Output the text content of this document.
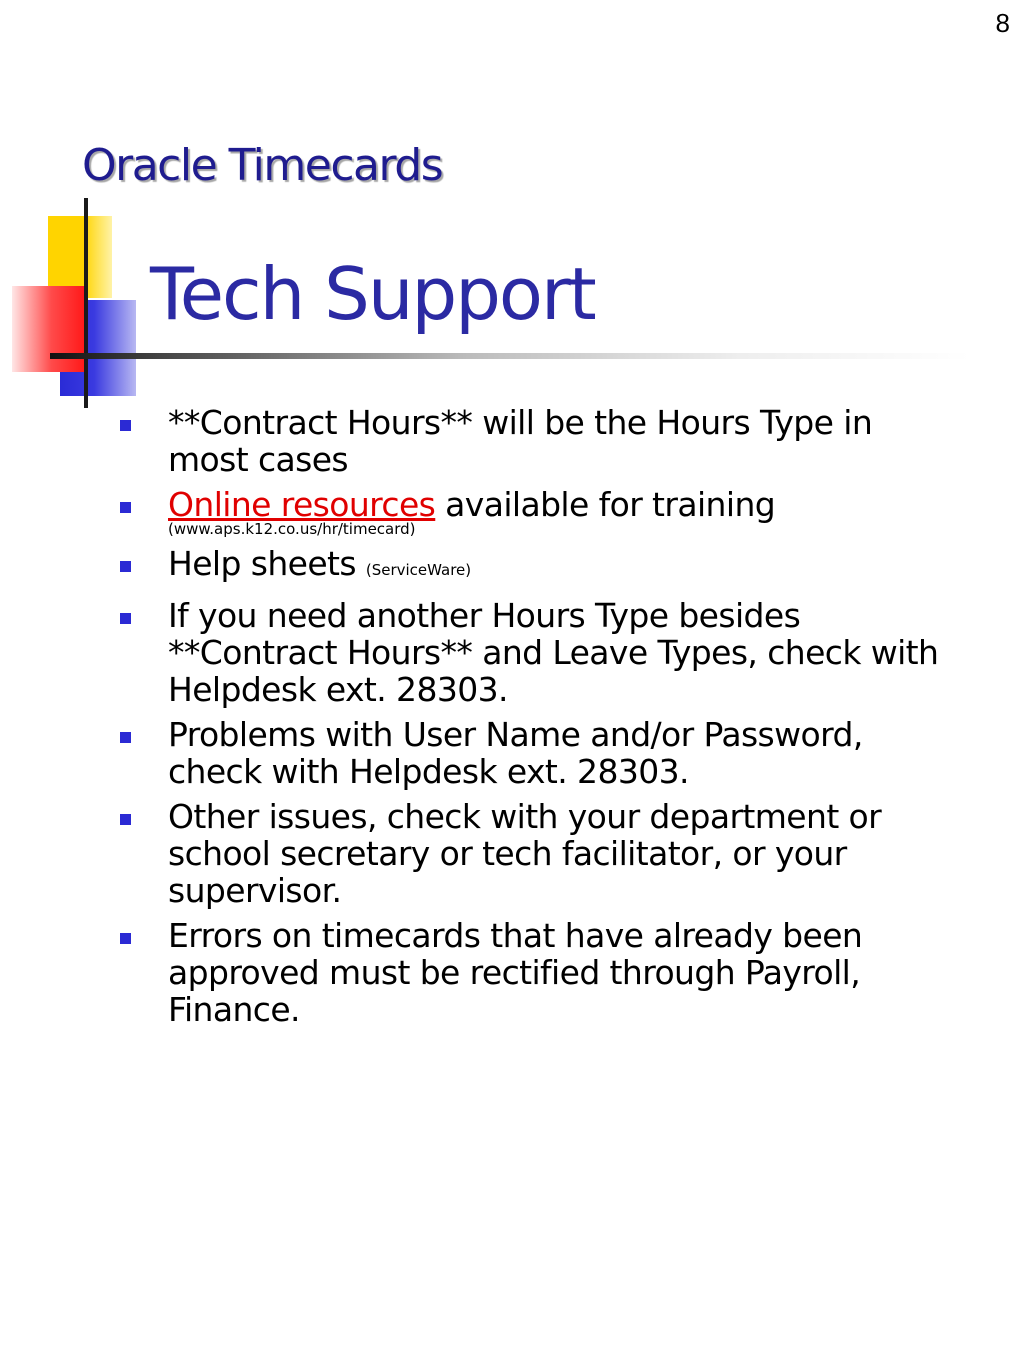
8
Oracle Timecards
Tech Support
**Contract Hours** will be the Hours Type in most cases
Online resources available for training
(www.aps.k12.co.us/hr/timecard)
Help sheets (ServiceWare)
If you need another Hours Type besides **Contract Hours** and Leave Types, check with Helpdesk ext. 28303.
Problems with User Name and/or Password, check with Helpdesk ext. 28303.
Other issues, check with your department or school secretary or tech facilitator, or your supervisor.
Errors on timecards that have already been approved must be rectified through Payroll, Finance.
